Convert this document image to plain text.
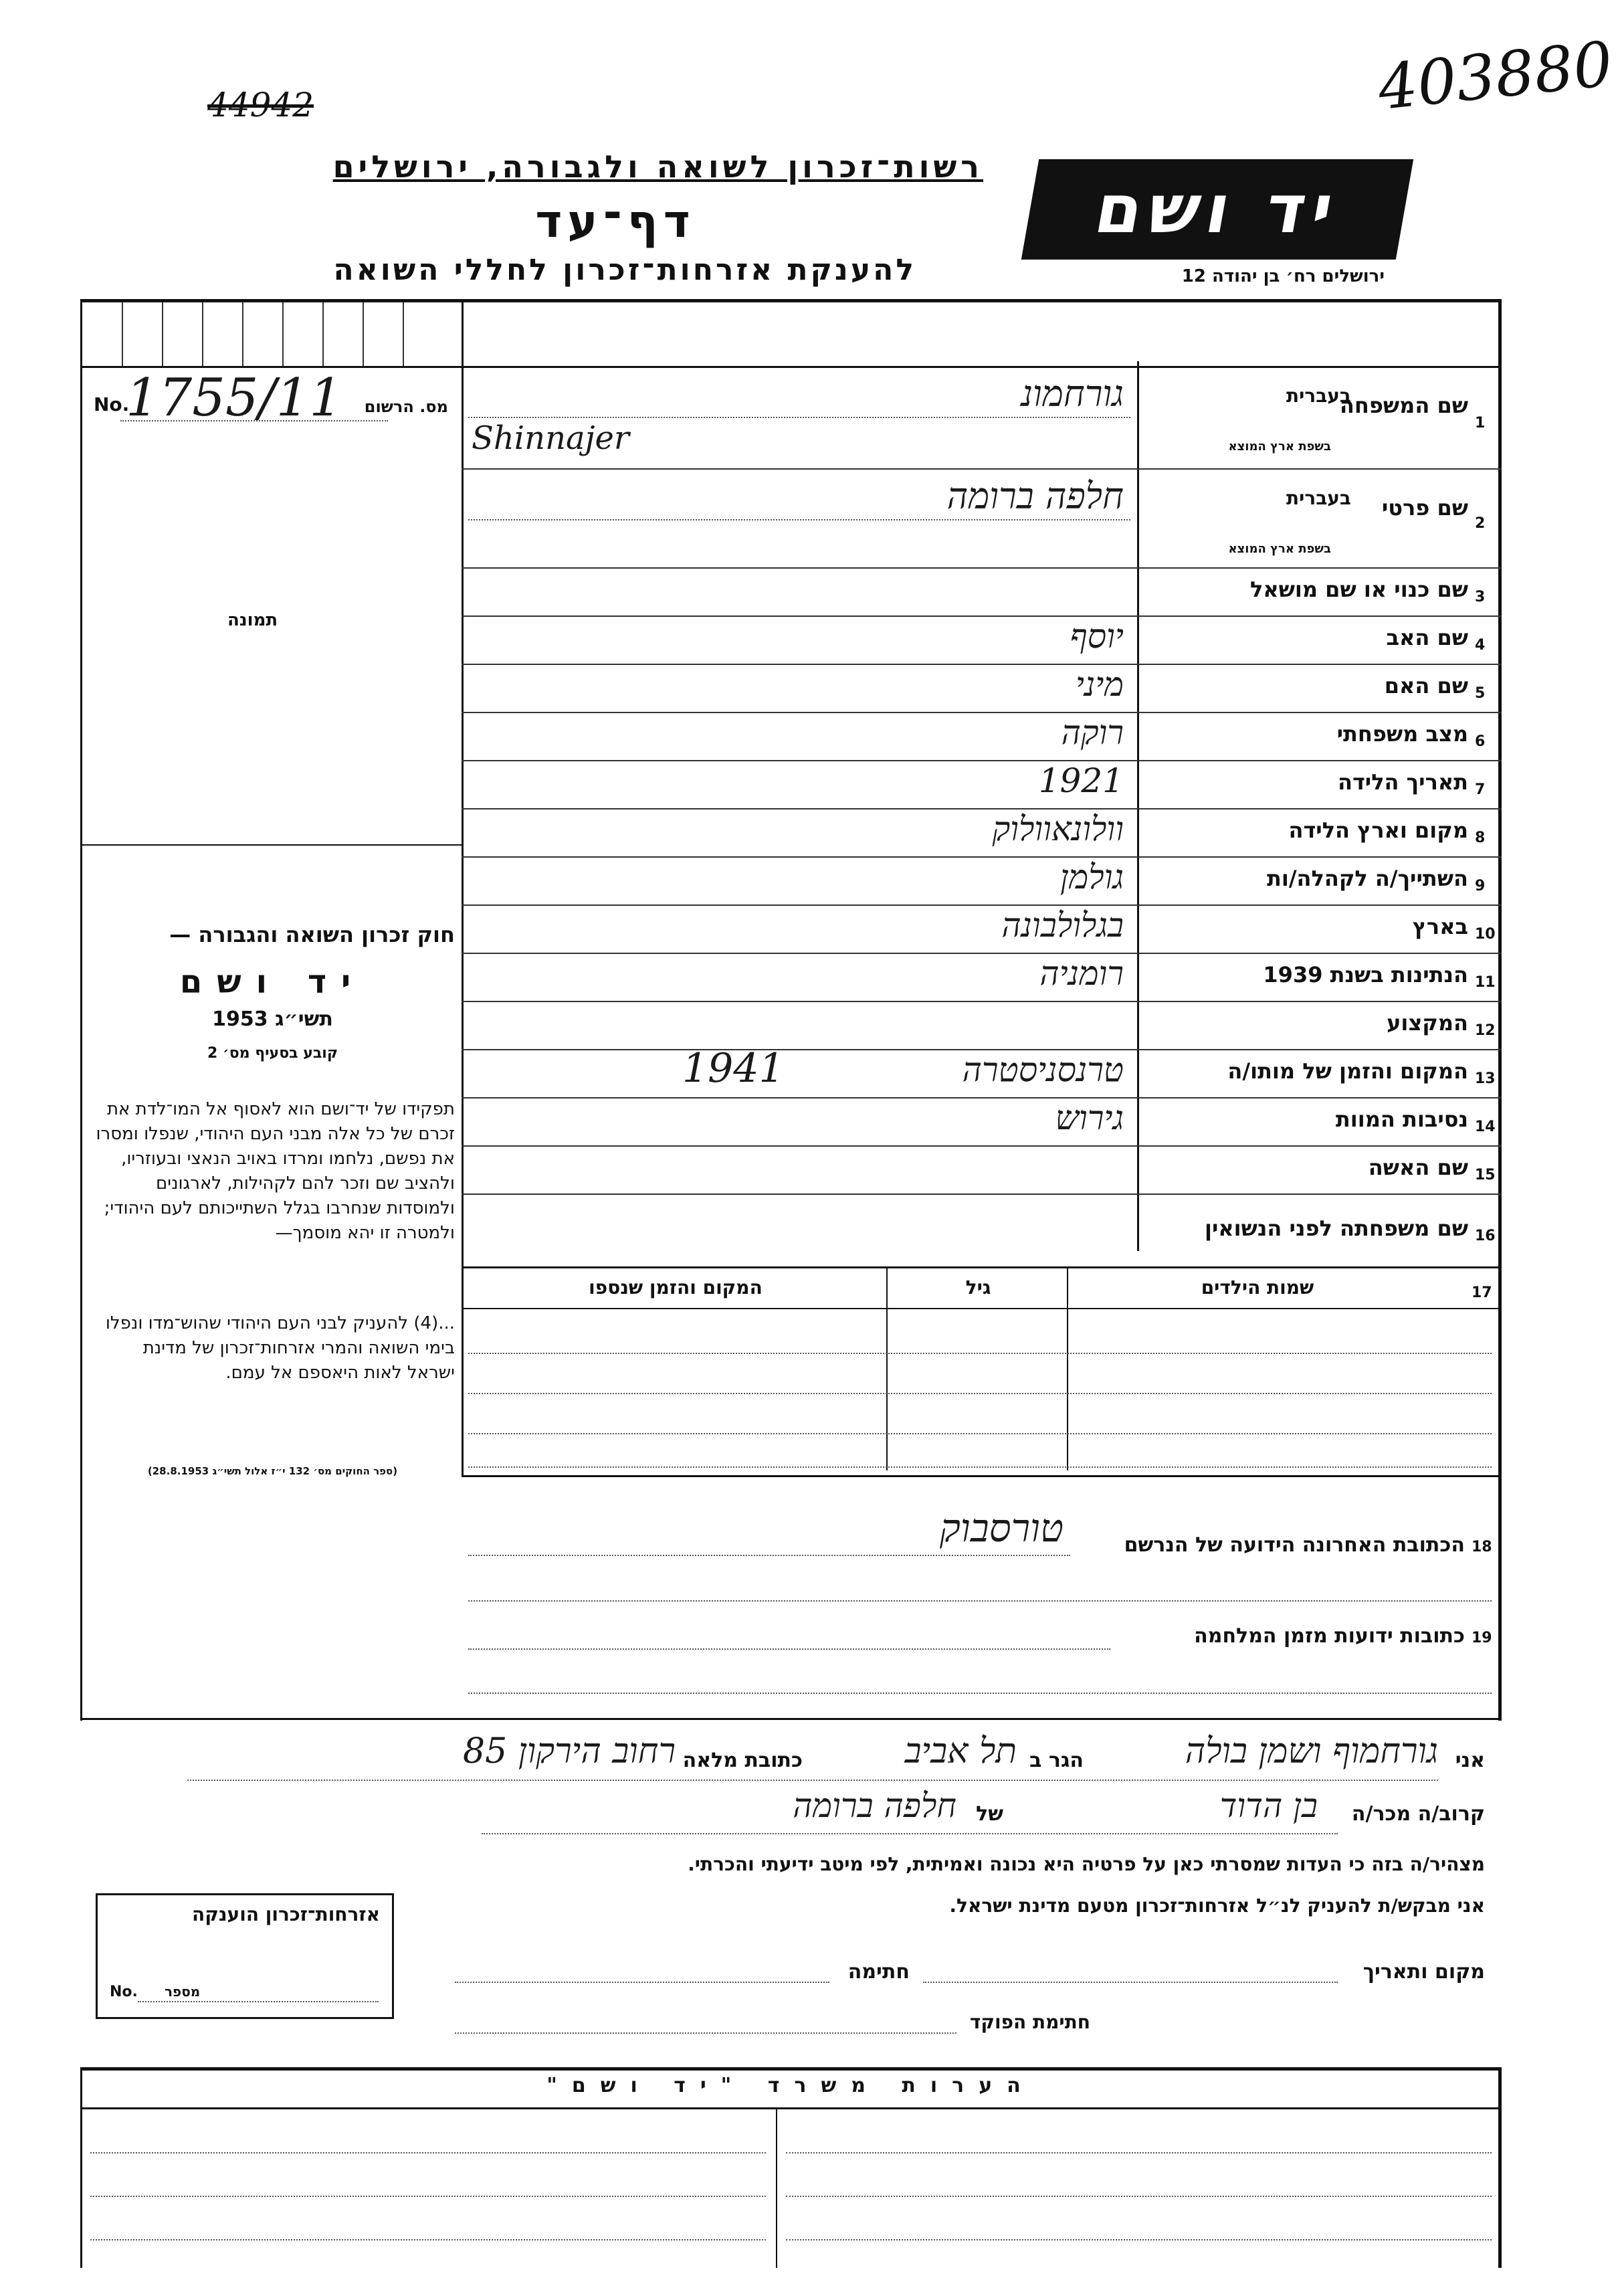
403880
44942
רשות־זכרון לשואה ולגבורה, ירושלים
דף־עד
להענקת אזרחות־זכרון לחללי השואה
יד ושם
ירושלים רח׳ בן יהודה 12
No.
1755/11 מס. הרשום
תמונה
חוק זכרון השואה והגבורה —
יד ושם
תשי״ג 1953
קובע בסעיף מס׳ 2
תפקידו של יד־ושם הוא לאסוף אל המו־לדת את זכרם של כל אלה מבני העם היהודי, שנפלו ומסרו את נפשם, נלחמו ומרדו באויב הנאצי ובעוזריו, ולהציב שם וזכר להם לקהילות, לארגונים ולמוסדות שנחרבו בגלל השתייכותם לעם היהודי; ולמטרה זו יהא מוסמך—
...(4) להעניק לבני העם היהודי שהוש־מדו ונפלו בימי השואה והמרי אזרחות־זכרון של מדינת ישראל לאות היאספם אל עמם.
(ספר החוקים מס׳ 132 י״ז אלול תשי״ג 28.8.1953)
1
שם המשפחה
בעברית
בשפת ארץ המוצא
גורחמונ
Shinnajer
2
שם פרטי
בעברית
בשפת ארץ המוצא
חלפה ברומה
3
שם כנוי או שם מושאל
4
שם האב
יוסף
5
שם האם
מיני
6
מצב משפחתי
רוקה
7
תאריך הלידה
1921
8
מקום וארץ הלידה
וולונאוולוק
9
השתייך/ה לקהלה/ות
גולמן
10
בארץ
בגלולבונה
11
הנתינות בשנת 1939
רומניה
12
המקצוע
13
המקום והזמן של מותו/ה
טרנסניסטרה
1941
14
נסיבות המוות
גירוש
15
שם האשה
16
שם משפחתה לפני הנשואין
17
שמות הילדים
גיל
המקום והזמן שנספו
18
הכתובת האחרונה הידועה של הנרשם
טורסבוק
19
כתובות ידועות מזמן המלחמה
אני
גורחמוף ושמן בולה
הגר ב
תל אביב
כתובת מלאה
רחוב הירקון 85
קרוב/ה מכר/ה
בן הדוד
של
חלפה ברומה
מצהיר/ה בזה כי העדות שמסרתי כאן על פרטיה היא נכונה ואמיתית, לפי מיטב ידיעתי והכרתי.
אני מבקש/ת להעניק לנ״ל אזרחות־זכרון מטעם מדינת ישראל.
מקום ותאריך
חתימה
חתימת הפוקד
אזרחות־זכרון הוענקה
No. מספר
הערות משרד "יד ושם"
